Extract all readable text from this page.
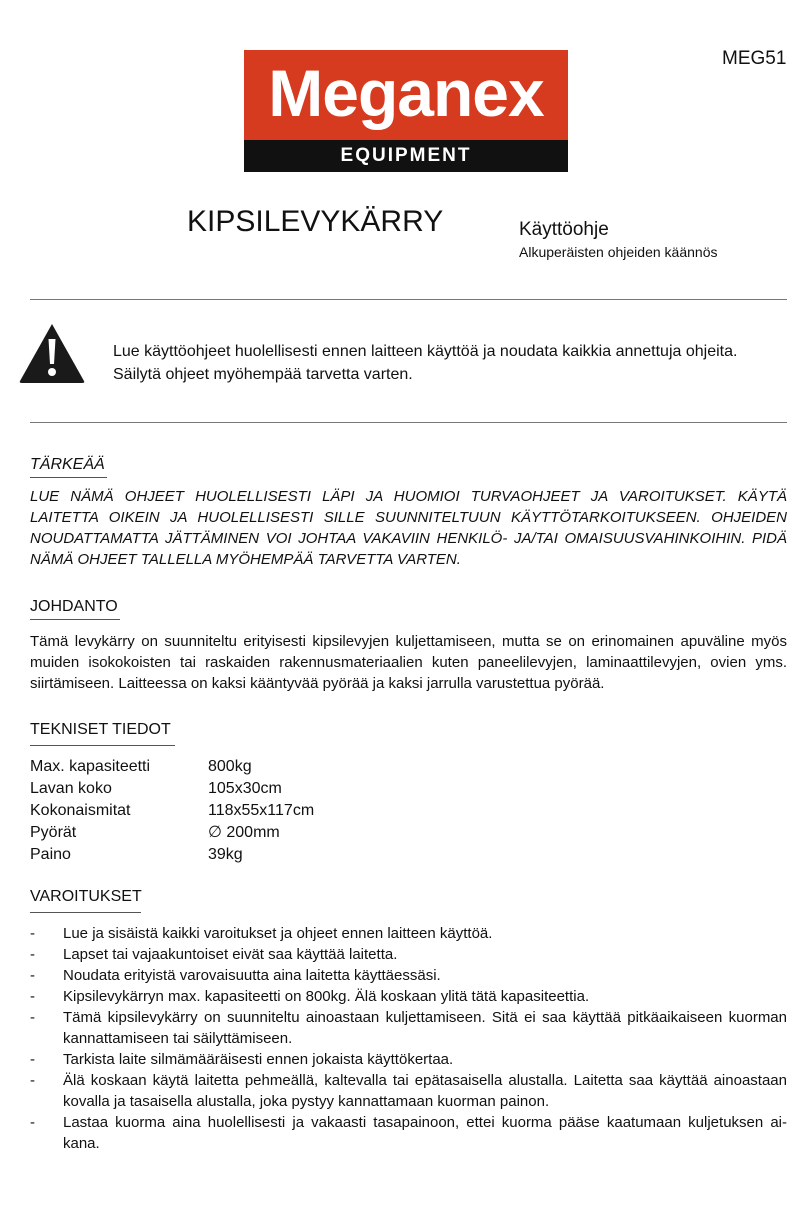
MEG51
Meganex
EQUIPMENT
KIPSILEVYKÄRRY	Käyttöohje
Alkuperäisten ohjeiden käännös
Lue käyttöohjeet huolellisesti ennen laitteen käyttöä ja noudata kaikkia annettuja ohjeita.
Säilytä ohjeet myöhempää tarvetta varten.
TÄRKEÄÄ
LUE NÄMÄ OHJEET HUOLELLISESTI LÄPI JA HUOMIOI TURVAOHJEET JA VAROITUKSET. KÄYTÄ LAITETTA OIKEIN JA HUOLELLISESTI SILLE SUUNNITELTUUN KÄYTTÖTARKOITUKSEEN. OHJEIDEN NOUDATTAMATTA JÄTTÄMINEN VOI JOHTAA VAKAVIIN HENKILÖ- JA/TAI OMAISUUSVAHINKOIHIN. PIDÄ NÄMÄ OHJEET TALLELLA MYÖHEMPÄÄ TARVETTA VARTEN.
JOHDANTO
Tämä levykärry on suunniteltu erityisesti kipsilevyjen kuljettamiseen, mutta se on erinomainen apuväline myös muiden isokokoisten tai raskaiden rakennusmateriaalien kuten paneelilevyjen, laminaattilevyjen, ovien yms. siirtämiseen. Laitteessa on kaksi kääntyvää pyörää ja kaksi jarrulla varustettua pyörää.
TEKNISET TIEDOT
Max. kapasiteetti	800kg
Lavan koko	105x30cm
Kokonaismitat	118x55x117cm
Pyörät	∅ 200mm
Paino	39kg
VAROITUKSET
-	Lue ja sisäistä kaikki varoitukset ja ohjeet ennen laitteen käyttöä.
-	Lapset tai vajaakuntoiset eivät saa käyttää laitetta.
-	Noudata erityistä varovaisuutta aina laitetta käyttäessäsi.
-	Kipsilevykärryn max. kapasiteetti on 800kg. Älä koskaan ylitä tätä kapasiteettia.
-	Tämä kipsilevykärry on suunniteltu ainoastaan kuljettamiseen. Sitä ei saa käyttää pitkäaikaiseen kuorman kannattamiseen tai säilyttämiseen.
-	Tarkista laite silmämääräisesti ennen jokaista käyttökertaa.
-	Älä koskaan käytä laitetta pehmeällä, kaltevalla tai epätasaisella alustalla. Laitetta saa käyttää ainoastaan kovalla ja tasaisella alustalla, joka pystyy kannattamaan kuorman painon.
-	Lastaa kuorma aina huolellisesti ja vakaasti tasapainoon, ettei kuorma pääse kaatumaan kuljetuksen ai-kana.
